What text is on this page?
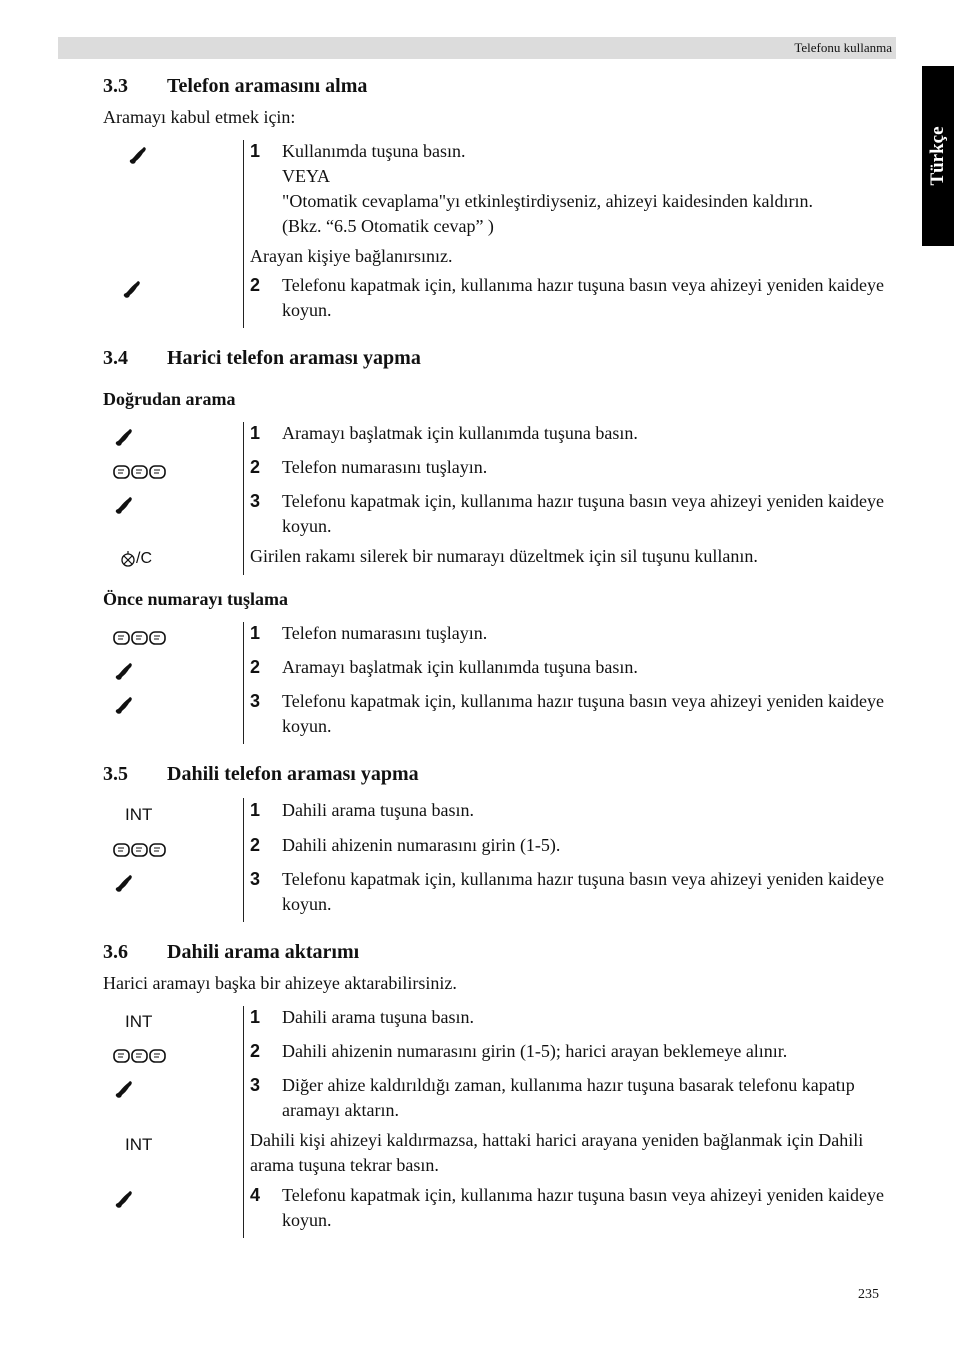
Telefonu kullanma
Türkçe
3.3 Telefon aramasını alma
Aramayı kabul etmek için:
1 Kullanımda tuşuna basın.
VEYA
"Otomatik cevaplama"yı etkinleştirdiyseniz, ahizeyi kaidesinden kaldırın.
(Bkz. “6.5 Otomatik cevap” )
Arayan kişiye bağlanırsınız.
2 Telefonu kapatmak için, kullanıma hazır tuşuna basın veya ahizeyi yeniden kaideye koyun.
3.4 Harici telefon araması yapma
Doğrudan arama
1 Aramayı başlatmak için kullanımda tuşuna basın.
2 Telefon numarasını tuşlayın.
3 Telefonu kapatmak için, kullanıma hazır tuşuna basın veya ahizeyi yeniden kaideye koyun.
/C	Girilen rakamı silerek bir numarayı düzeltmek için sil tuşunu kullanın.
Önce numarayı tuşlama
1 Telefon numarasını tuşlayın.
2 Aramayı başlatmak için kullanımda tuşuna basın.
3 Telefonu kapatmak için, kullanıma hazır tuşuna basın veya ahizeyi yeniden kaideye koyun.
3.5 Dahili telefon araması yapma
INT	1 Dahili arama tuşuna basın.
2 Dahili ahizenin numarasını girin (1-5).
3 Telefonu kapatmak için, kullanıma hazır tuşuna basın veya ahizeyi yeniden kaideye koyun.
3.6 Dahili arama aktarımı
Harici aramayı başka bir ahizeye aktarabilirsiniz.
INT	1 Dahili arama tuşuna basın.
2 Dahili ahizenin numarasını girin (1-5); harici arayan beklemeye alınır.
3 Diğer ahize kaldırıldığı zaman, kullanıma hazır tuşuna basarak telefonu kapatıp aramayı aktarın.
INT	Dahili kişi ahizeyi kaldırmazsa, hattaki harici arayana yeniden bağlanmak için Dahili arama tuşuna tekrar basın.
4 Telefonu kapatmak için, kullanıma hazır tuşuna basın veya ahizeyi yeniden kaideye koyun.
235
